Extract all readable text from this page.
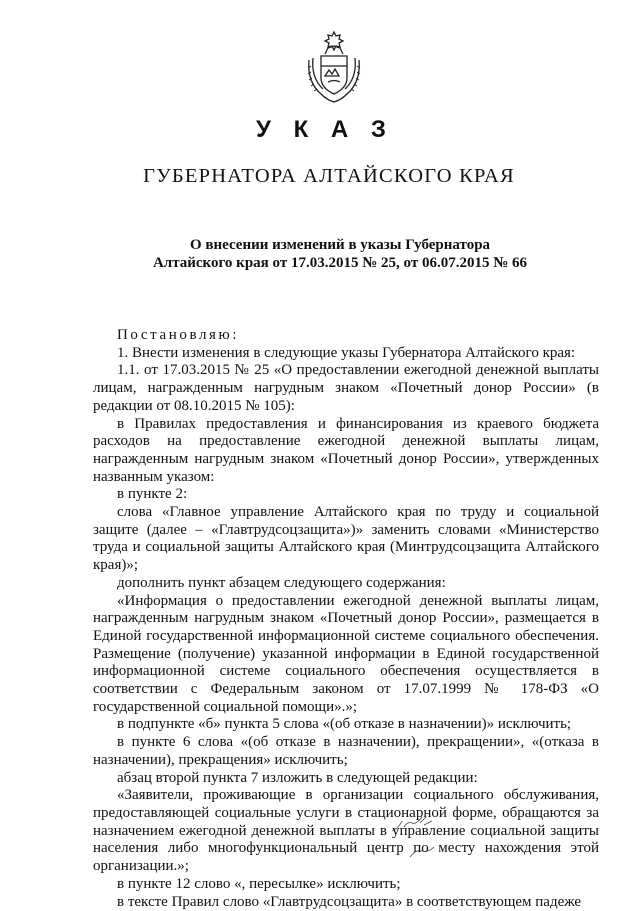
У К А З
ГУБЕРНАТОРА АЛТАЙСКОГО КРАЯ
О внесении изменений в указы Губернатора
Алтайского края от 17.03.2015 № 25, от 06.07.2015 № 66

Постановляю:

1. Внести изменения в следующие указы Губернатора Алтайского края:

1.1. от 17.03.2015 № 25 «О предоставлении ежегодной денежной выплаты лицам, награжденным нагрудным знаком «Почетный донор России» (в редакции от 08.10.2015 № 105):

в Правилах предоставления и финансирования из краевого бюджета расходов на предоставление ежегодной денежной выплаты лицам, награжденным нагрудным знаком «Почетный донор России», утвержденных названным указом:

в пункте 2:

слова «Главное управление Алтайского края по труду и социальной защите (далее – «Главтрудсоцзащита»)» заменить словами «Министерство труда и социальной защиты Алтайского края (Минтрудсоцзащита Алтайского края)»;

дополнить пункт абзацем следующего содержания:

«Информация о предоставлении ежегодной денежной выплаты лицам, награжденным нагрудным знаком «Почетный донор России», размещается в Единой государственной информационной системе социального обеспечения. Размещение (получение) указанной информации в Единой государственной информационной системе социального обеспечения осуществляется в соответствии с Федеральным законом от 17.07.1999 № 178-ФЗ «О государственной социальной помощи».»;

в подпункте «б» пункта 5 слова «(об отказе в назначении)» исключить;

в пункте 6 слова «(об отказе в назначении), прекращении», «(отказа в назначении), прекращения» исключить;

абзац второй пункта 7 изложить в следующей редакции:

«Заявители, проживающие в организации социального обслуживания, предоставляющей социальные услуги в стационарной форме, обращаются за назначением ежегодной денежной выплаты в управление социальной защиты населения либо многофункциональный центр по месту нахождения этой организации.»;

в пункте 12 слово «, пересылке» исключить;

в тексте Правил слово «Главтрудсоцзащита» в соответствующем падеже
